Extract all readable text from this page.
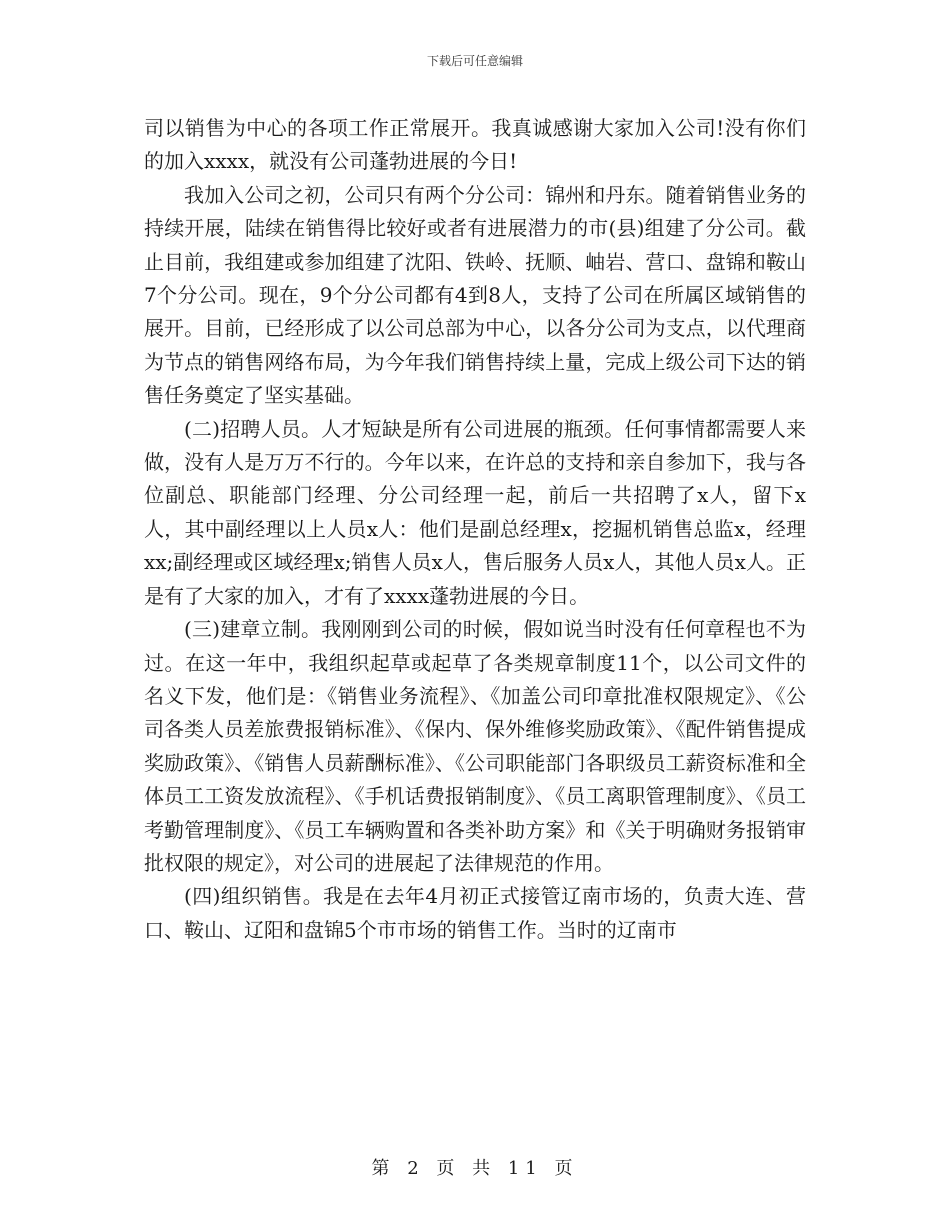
下载后可任意编辑

司以销售为中心的各项工作正常展开。我真诚感谢大家加入公司!没有你们的加入xxxx，就没有公司蓬勃进展的今日!

我加入公司之初，公司只有两个分公司：锦州和丹东。随着销售业务的持续开展，陆续在销售得比较好或者有进展潜力的市(县)组建了分公司。截止目前，我组建或参加组建了沈阳、铁岭、抚顺、岫岩、营口、盘锦和鞍山7个分公司。现在，9个分公司都有4到8人，支持了公司在所属区域销售的展开。目前，已经形成了以公司总部为中心，以各分公司为支点，以代理商为节点的销售网络布局，为今年我们销售持续上量，完成上级公司下达的销售任务奠定了坚实基础。

(二)招聘人员。人才短缺是所有公司进展的瓶颈。任何事情都需要人来做，没有人是万万不行的。今年以来，在许总的支持和亲自参加下，我与各位副总、职能部门经理、分公司经理一起，前后一共招聘了x人，留下x人，其中副经理以上人员x人：他们是副总经理x，挖掘机销售总监x，经理xx;副经理或区域经理x;销售人员x人，售后服务人员x人，其他人员x人。正是有了大家的加入，才有了xxxx蓬勃进展的今日。

(三)建章立制。我刚刚到公司的时候，假如说当时没有任何章程也不为过。在这一年中，我组织起草或起草了各类规章制度11个，以公司文件的名义下发，他们是：《销售业务流程》、《加盖公司印章批准权限规定》、《公司各类人员差旅费报销标准》、《保内、保外维修奖励政策》、《配件销售提成奖励政策》、《销售人员薪酬标准》、《公司职能部门各职级员工薪资标准和全体员工工资发放流程》、《手机话费报销制度》、《员工离职管理制度》、《员工考勤管理制度》、《员工车辆购置和各类补助方案》和《关于明确财务报销审批权限的规定》，对公司的进展起了法律规范的作用。

(四)组织销售。我是在去年4月初正式接管辽南市场的，负责大连、营口、鞍山、辽阳和盘锦5个市市场的销售工作。当时的辽南市

第 2 页 共 11 页
